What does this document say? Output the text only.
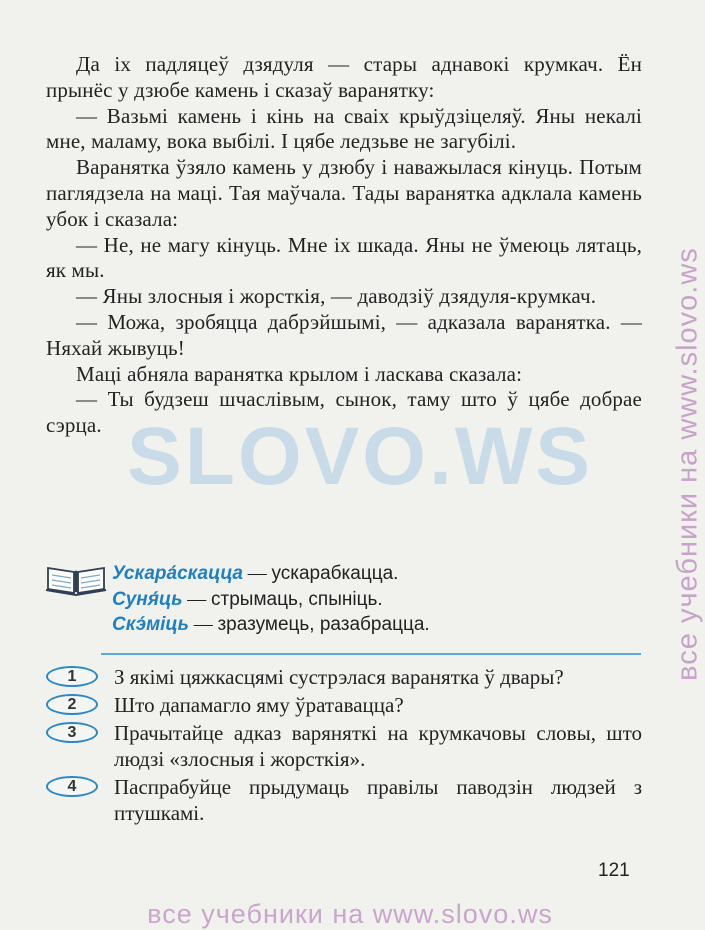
SLOVO.WS

Да іх падляцеў дзядуля — стары аднавокі крумкач. Ён прынёс у дзюбе камень і сказаў варанятку:

— Вазьмі камень і кінь на сваіх крыўдзіцеляў. Яны некалі мне, маламу, вока выбілі. І цябе ледзьве не загубілі.

Варанятка ўзяло камень у дзюбу і наважылася кінуць. Потым паглядзела на маці. Тая маўчала. Тады варанятка адклала камень убок і сказала:

— Не, не магу кінуць. Мне іх шкада. Яны не ўмеюць лятаць, як мы.

— Яны злосныя і жорсткія, — даводзіў дзядуля-крумкач.

— Можа, зробяцца дабрэйшымі, — адказала варанятка. — Няхай жывуць!

Маці абняла варанятка крылом і ласкава сказала:

— Ты будзеш шчаслівым, сынок, таму што ў цябе добрае сэрца.

Ускара́скацца — ускарабкацца.
Суня́ць — стрымаць, спыніць.
Скэ́міць — зразумець, разабрацца.
1	З якімі цяжкасцямі сустрэлася варанятка ў двары?
2	Што дапамагло яму ўратавацца?
3	Прачытайце адказ варяняткі на крумкачовы словы, што людзі «злосныя і жорсткія».
4	Паспрабуйце прыдумаць правілы паводзін людзей з птушкамі.
121
все учебники на www.slovo.ws
все учебники на www.slovo.ws
